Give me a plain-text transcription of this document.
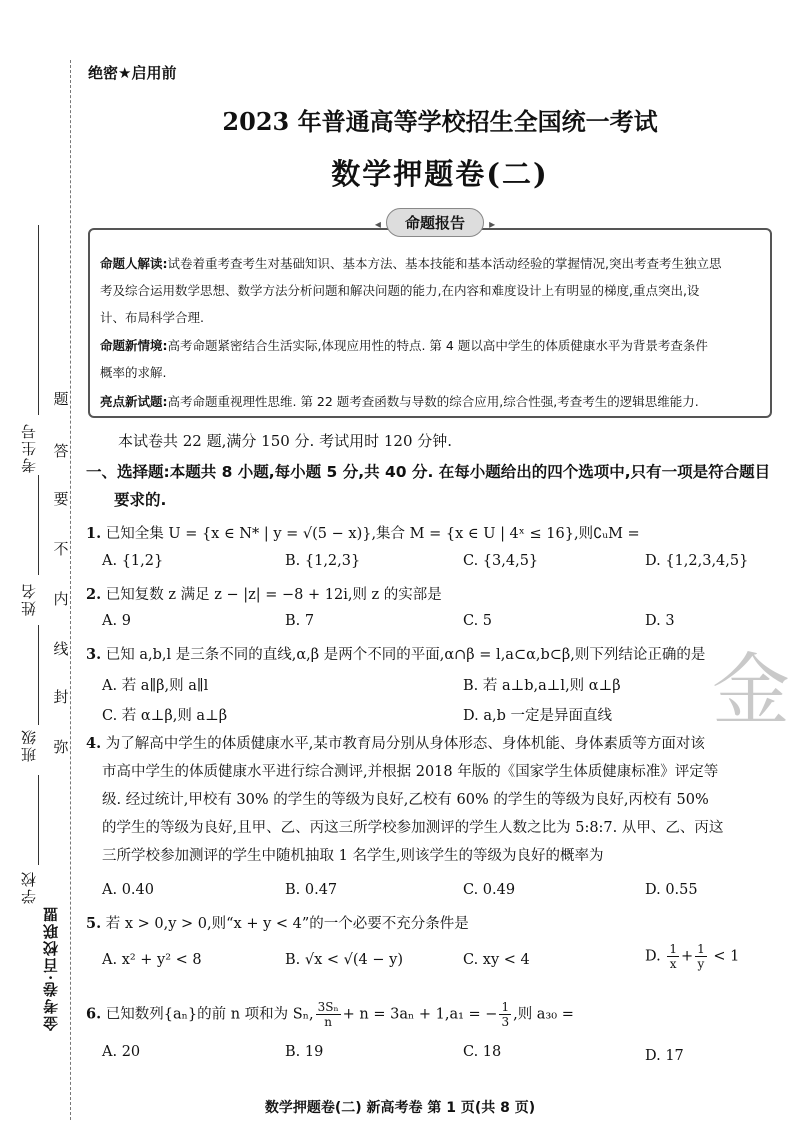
题
答
要
不
内
线
封
弥
考生号
姓名
班级
学校
金考卷·百校联盟
绝密★启用前
2023 年普通高等学校招生全国统一考试
数学押题卷(二)
◂ 命题报告 ▸
命题人解读:试卷着重考查考生对基础知识、基本方法、基本技能和基本活动经验的掌握情况,突出考查考生独立思
考及综合运用数学思想、数学方法分析问题和解决问题的能力,在内容和难度设计上有明显的梯度,重点突出,设
计、布局科学合理.
命题新情境:高考命题紧密结合生活实际,体现应用性的特点. 第 4 题以高中学生的体质健康水平为背景考查条件
概率的求解.
亮点新试题:高考命题重视理性思维. 第 22 题考查函数与导数的综合应用,综合性强,考查考生的逻辑思维能力.
本试卷共 22 题,满分 150 分. 考试用时 120 分钟.
一、选择题:本题共 8 小题,每小题 5 分,共 40 分. 在每小题给出的四个选项中,只有一项是符合题目
要求的.
1. 已知全集 U = {x ∈ N* | y = √(5 − x)},集合 M = {x ∈ U | 4ˣ ≤ 16},则∁ᵤM =
A. {1,2}	B. {1,2,3}	C. {3,4,5}	D. {1,2,3,4,5}
2. 已知复数 z 满足 z − |z| = −8 + 12i,则 z 的实部是
A. 9	B. 7	C. 5	D. 3
3. 已知 a,b,l 是三条不同的直线,α,β 是两个不同的平面,α∩β = l,a⊂α,b⊂β,则下列结论正确的是
A. 若 a∥β,则 a∥l	B. 若 a⊥b,a⊥l,则 α⊥β
C. 若 α⊥β,则 a⊥β	D. a,b 一定是异面直线
4. 为了解高中学生的体质健康水平,某市教育局分别从身体形态、身体机能、身体素质等方面对该
市高中学生的体质健康水平进行综合测评,并根据 2018 年版的《国家学生体质健康标准》评定等
级. 经过统计,甲校有 30% 的学生的等级为良好,乙校有 60% 的学生的等级为良好,丙校有 50%
的学生的等级为良好,且甲、乙、丙这三所学校参加测评的学生人数之比为 5:8:7. 从甲、乙、丙这
三所学校参加测评的学生中随机抽取 1 名学生,则该学生的等级为良好的概率为
A. 0.40	B. 0.47	C. 0.49	D. 0.55
5. 若 x > 0,y > 0,则“x + y < 4”的一个必要不充分条件是
A. x² + y² < 8	B. √x < √(4 − y)	C. xy < 4	D. $\frac{1}{x} + \frac{1}{y} < 1$
6. 已知数列{aₙ}的前 n 项和为 Sₙ, $\frac{\text{3Sₙ}}{n} + n = 3a_n + 1,a_1$ = − $\frac{1}{3}$ ,则 a₃₀ =
A. 20	B. 19	C. 18	D. 17
金
数学押题卷(二) 新高考卷 第 1 页(共 8 页)
